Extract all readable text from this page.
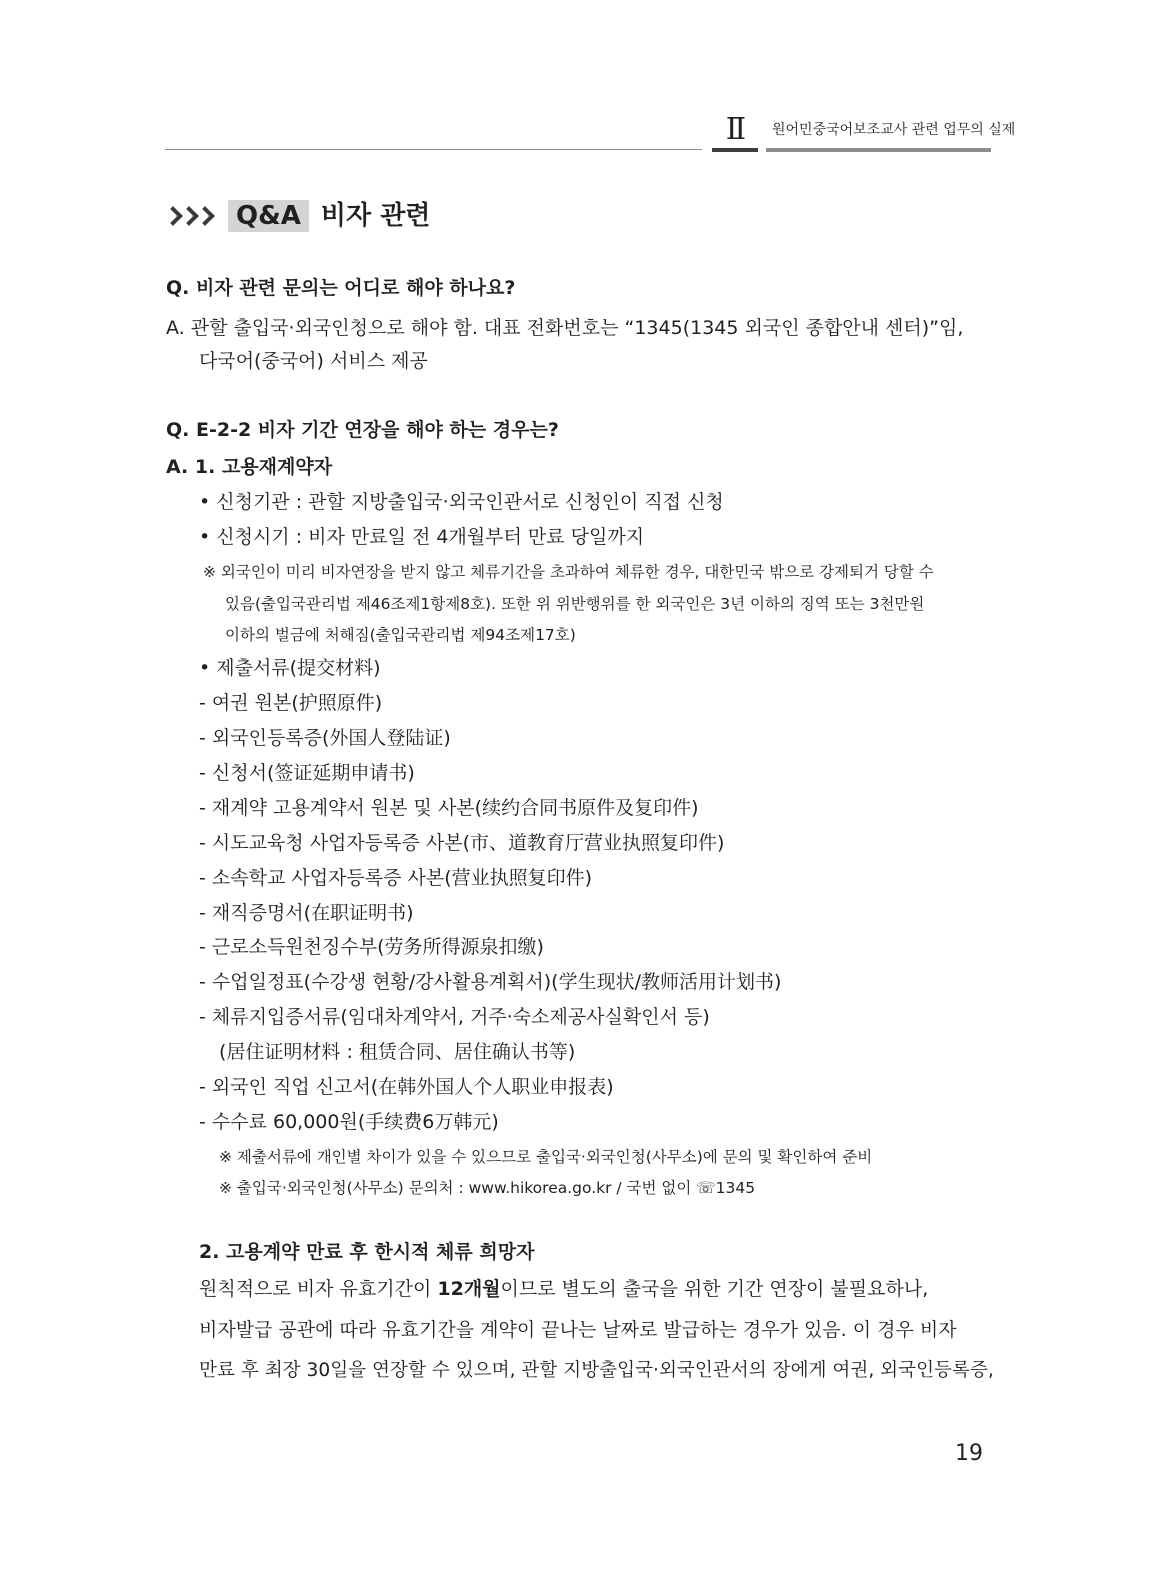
Ⅱ	원어민중국어보조교사 관련 업무의 실제
Q&A 비자 관련
Q. 비자 관련 문의는 어디로 해야 하나요?
A. 관할 출입국·외국인청으로 해야 함. 대표 전화번호는 “1345(1345 외국인 종합안내 센터)”임,
다국어(중국어) 서비스 제공
Q. E-2-2 비자 기간 연장을 해야 하는 경우는?
A. 1. 고용재계약자
• 신청기관 : 관할 지방출입국·외국인관서로 신청인이 직접 신청
• 신청시기 : 비자 만료일 전 4개월부터 만료 당일까지
※ 외국인이 미리 비자연장을 받지 않고 체류기간을 초과하여 체류한 경우, 대한민국 밖으로 강제퇴거 당할 수
있음(출입국관리법 제46조제1항제8호). 또한 위 위반행위를 한 외국인은 3년 이하의 징역 또는 3천만원
이하의 벌금에 처해짐(출입국관리법 제94조제17호)
• 제출서류(提交材料)
- 여권 원본(护照原件)
- 외국인등록증(外国人登陆证)
- 신청서(签证延期申请书)
- 재계약 고용계약서 원본 및 사본(续约合同书原件及复印件)
- 시도교육청 사업자등록증 사본(市、道教育厅营业执照复印件)
- 소속학교 사업자등록증 사본(营业执照复印件)
- 재직증명서(在职证明书)
- 근로소득원천징수부(劳务所得源泉扣缴)
- 수업일정표(수강생 현황/강사활용계획서)(学生现状/教师活用计划书)
- 체류지입증서류(임대차계약서, 거주·숙소제공사실확인서 등)
(居住证明材料 : 租赁合同、居住确认书等)
- 외국인 직업 신고서(在韩外国人个人职业申报表)
- 수수료 60,000원(手续费6万韩元)
※ 제출서류에 개인별 차이가 있을 수 있으므로 출입국·외국인청(사무소)에 문의 및 확인하여 준비
※ 출입국·외국인청(사무소) 문의처 : www.hikorea.go.kr / 국번 없이 ☏1345
2. 고용계약 만료 후 한시적 체류 희망자
원칙적으로 비자 유효기간이 12개월이므로 별도의 출국을 위한 기간 연장이 불필요하나,
비자발급 공관에 따라 유효기간을 계약이 끝나는 날짜로 발급하는 경우가 있음. 이 경우 비자
만료 후 최장 30일을 연장할 수 있으며, 관할 지방출입국·외국인관서의 장에게 여권, 외국인등록증,
19
